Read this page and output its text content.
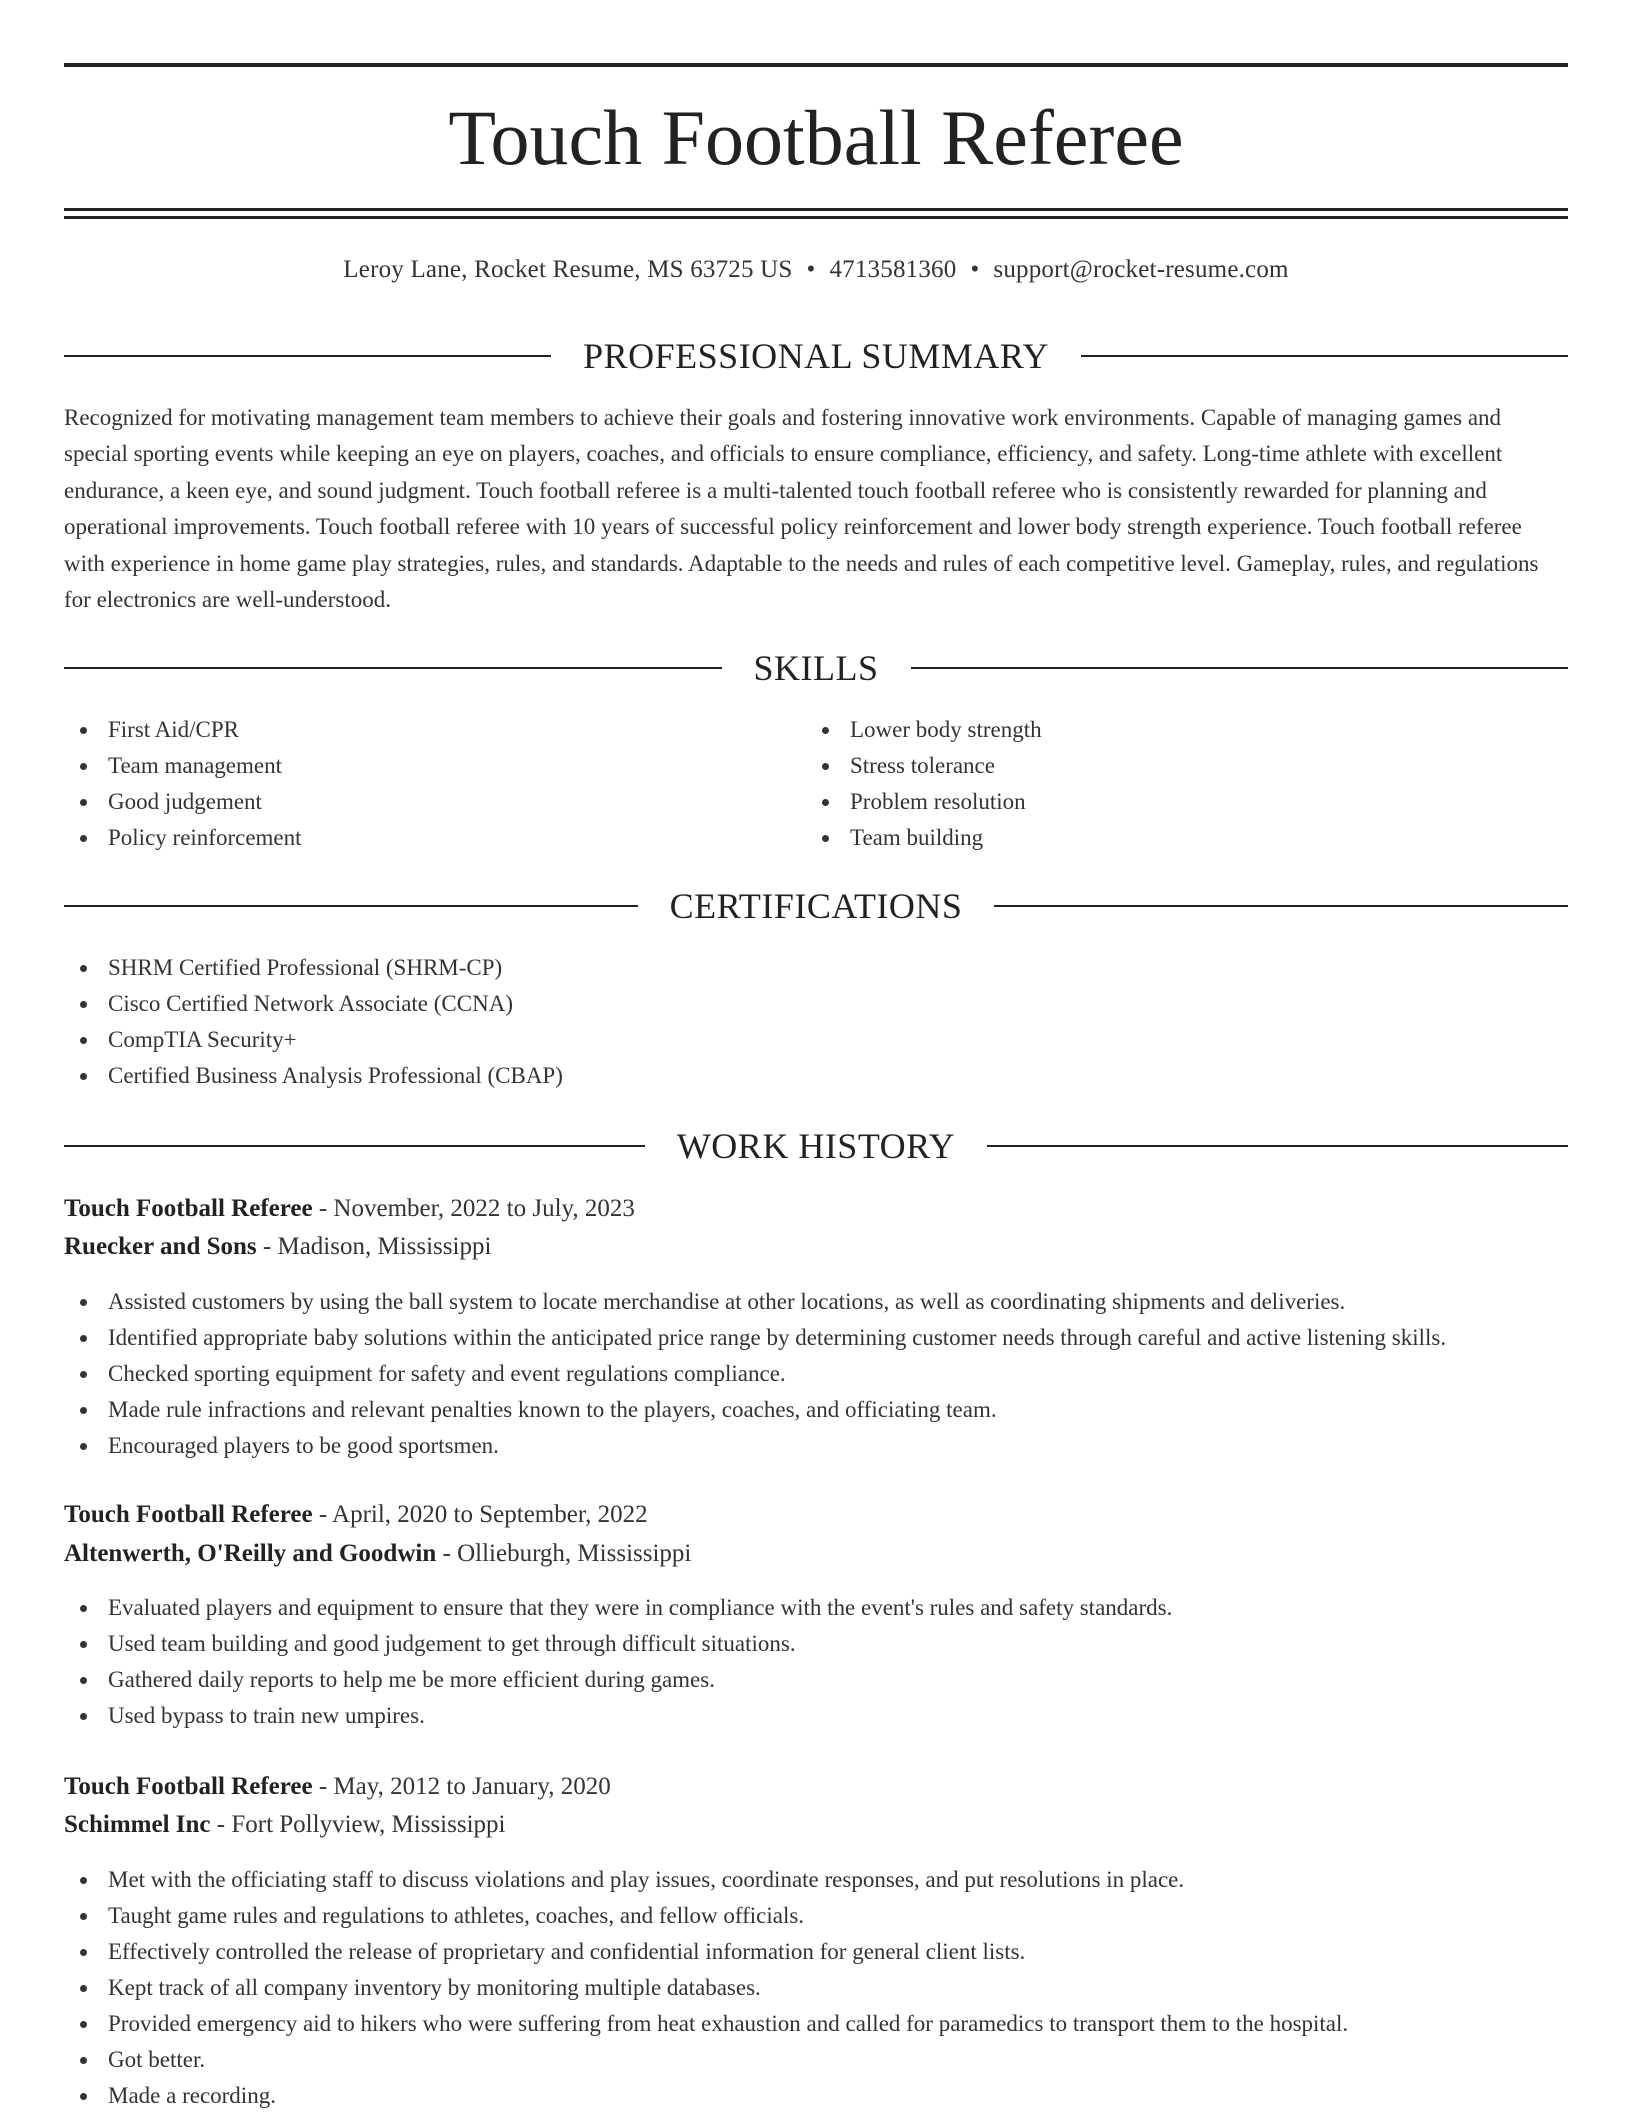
Touch Football Referee
Leroy Lane, Rocket Resume, MS 63725 US • 4713581360 • support@rocket-resume.com
PROFESSIONAL SUMMARY

Recognized for motivating management team members to achieve their goals and fostering innovative work environments. Capable of managing games and special sporting events while keeping an eye on players, coaches, and officials to ensure compliance, efficiency, and safety. Long-time athlete with excellent endurance, a keen eye, and sound judgment. Touch football referee is a multi-talented touch football referee who is consistently rewarded for planning and operational improvements. Touch football referee with 10 years of successful policy reinforcement and lower body strength experience. Touch football referee with experience in home game play strategies, rules, and standards. Adaptable to the needs and rules of each competitive level. Gameplay, rules, and regulations for electronics are well-understood.

SKILLS
First Aid/CPR
Team management
Good judgement
Policy reinforcement
Lower body strength
Stress tolerance
Problem resolution
Team building
CERTIFICATIONS
SHRM Certified Professional (SHRM-CP)
Cisco Certified Network Associate (CCNA)
CompTIA Security+
Certified Business Analysis Professional (CBAP)
WORK HISTORY
Touch Football Referee - November, 2022 to July, 2023
Ruecker and Sons - Madison, Mississippi
Assisted customers by using the ball system to locate merchandise at other locations, as well as coordinating shipments and deliveries.
Identified appropriate baby solutions within the anticipated price range by determining customer needs through careful and active listening skills.
Checked sporting equipment for safety and event regulations compliance.
Made rule infractions and relevant penalties known to the players, coaches, and officiating team.
Encouraged players to be good sportsmen.
Touch Football Referee - April, 2020 to September, 2022
Altenwerth, O'Reilly and Goodwin - Ollieburgh, Mississippi
Evaluated players and equipment to ensure that they were in compliance with the event's rules and safety standards.
Used team building and good judgement to get through difficult situations.
Gathered daily reports to help me be more efficient during games.
Used bypass to train new umpires.
Touch Football Referee - May, 2012 to January, 2020
Schimmel Inc - Fort Pollyview, Mississippi
Met with the officiating staff to discuss violations and play issues, coordinate responses, and put resolutions in place.
Taught game rules and regulations to athletes, coaches, and fellow officials.
Effectively controlled the release of proprietary and confidential information for general client lists.
Kept track of all company inventory by monitoring multiple databases.
Provided emergency aid to hikers who were suffering from heat exhaustion and called for paramedics to transport them to the hospital.
Got better.
Made a recording.
